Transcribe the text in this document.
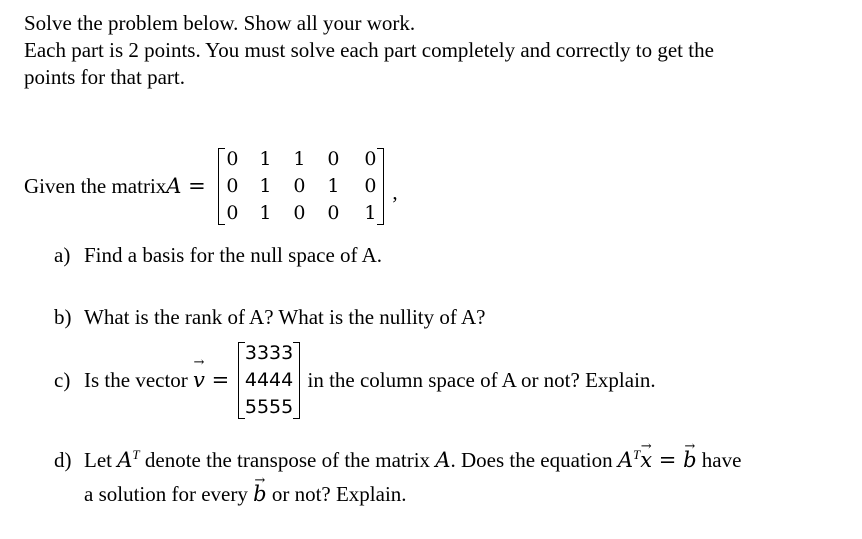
Solve the problem below. Show all your work.
Each part is 2 points. You must solve each part completely and correctly to get the
points for that part.
Given the matrix A =
0	1	1	0	0
0	1	0	1	0
0	1	0	0	1
,
a) Find a basis for the null space of A.
b) What is the rank of A? What is the nullity of A?
c) Is the vector → v =
3333
4444
5555
in the column space of A or not? Explain.
d) Let $A^T$ denote the transpose of the matrix A. Does the equation $A^T\to x$ = → b have
a solution for every → b or not? Explain.
